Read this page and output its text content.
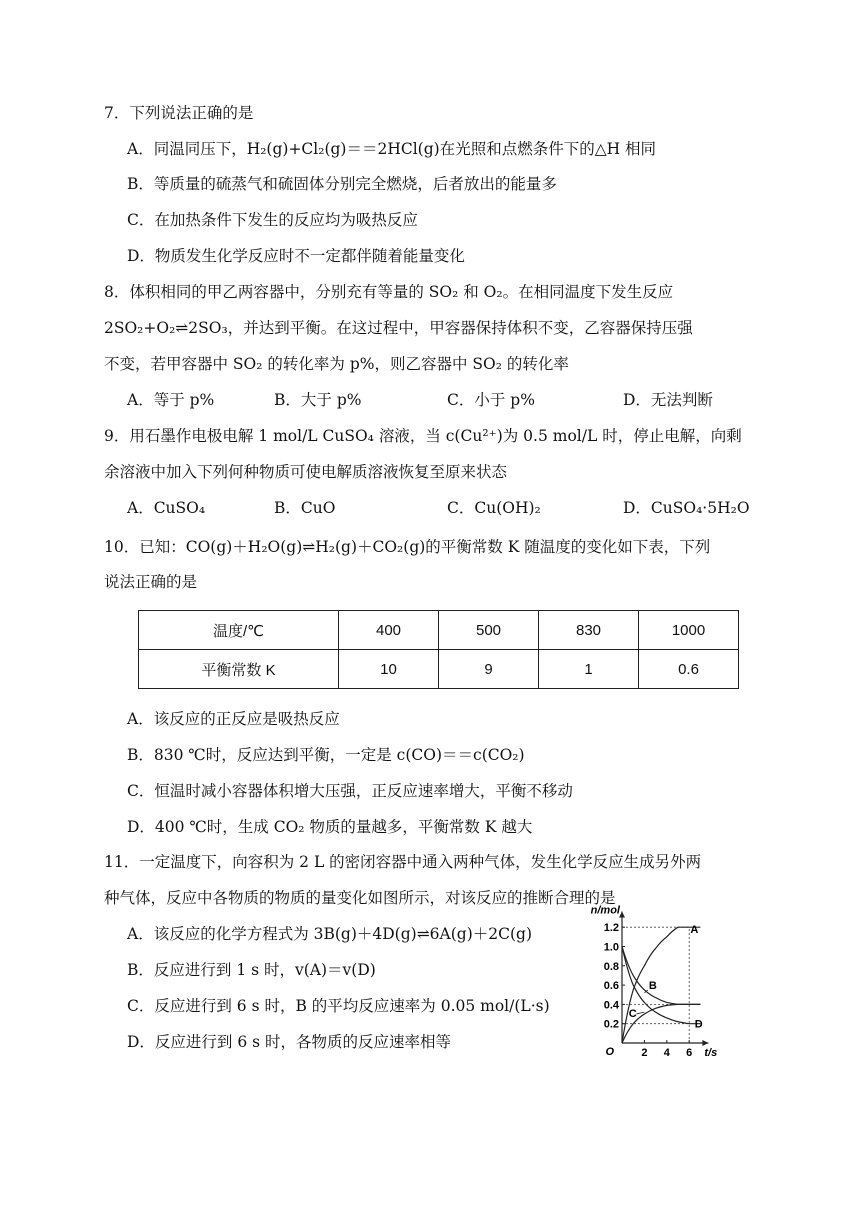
7．下列说法正确的是
A．同温同压下，H₂(g)+Cl₂(g)＝＝2HCl(g)在光照和点燃条件下的△H 相同
B．等质量的硫蒸气和硫固体分别完全燃烧，后者放出的能量多
C．在加热条件下发生的反应均为吸热反应
D．物质发生化学反应时不一定都伴随着能量变化
8．体积相同的甲乙两容器中，分别充有等量的 SO₂ 和 O₂。在相同温度下发生反应
2SO₂+O₂⇌2SO₃，并达到平衡。在这过程中，甲容器保持体积不变，乙容器保持压强
不变，若甲容器中 SO₂ 的转化率为 p%，则乙容器中 SO₂ 的转化率
A．等于 p%	B．大于 p%	C．小于 p%	D．无法判断
9．用石墨作电极电解 1 mol/L CuSO₄ 溶液，当 c(Cu²⁺)为 0.5 mol/L 时，停止电解，向剩
余溶液中加入下列何种物质可使电解质溶液恢复至原来状态
A．CuSO₄	B．CuO	C．Cu(OH)₂	D．CuSO₄·5H₂O
10．已知：CO(g)＋H₂O(g)⇌H₂(g)＋CO₂(g)的平衡常数 K 随温度的变化如下表，下列
说法正确的是
温度/℃	400	500	830	1000
平衡常数 K	10	9	1	0.6
A．该反应的正反应是吸热反应
B．830 ℃时，反应达到平衡，一定是 c(CO)＝＝c(CO₂)
C．恒温时减小容器体积增大压强，正反应速率增大，平衡不移动
D．400 ℃时，生成 CO₂ 物质的量越多，平衡常数 K 越大
11．一定温度下，向容积为 2 L 的密闭容器中通入两种气体，发生化学反应生成另外两
种气体，反应中各物质的物质的量变化如图所示，对该反应的推断合理的是
A．该反应的化学方程式为 3B(g)＋4D(g)⇌6A(g)＋2C(g)
B．反应进行到 1 s 时，v(A)＝v(D)
C．反应进行到 6 s 时，B 的平均反应速率为 0.05 mol/(L·s)
D．反应进行到 6 s 时，各物质的反应速率相等
0.2
0.4
0.6
0.8
1.0
1.2
2 4 6
n/mol
t/s
O
A
B
C
D
